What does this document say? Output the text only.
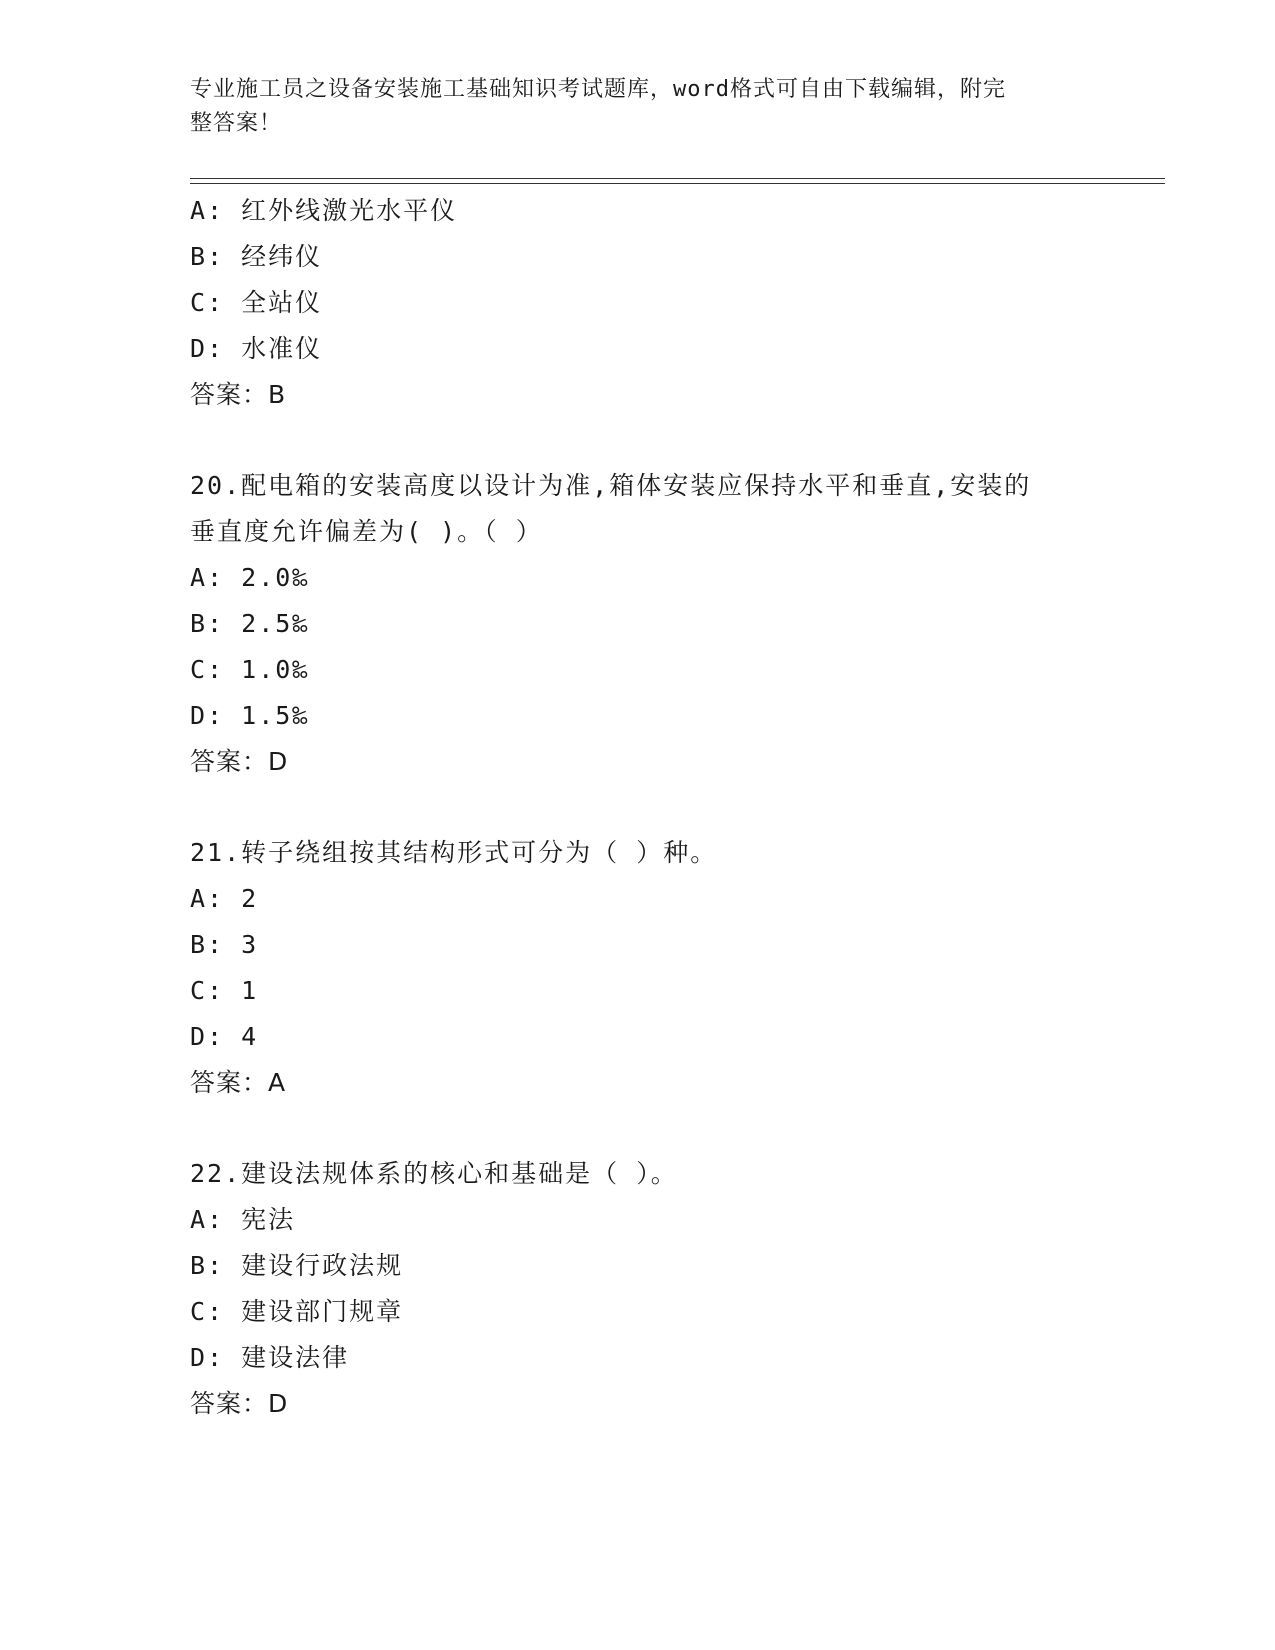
专业施工员之设备安装施工基础知识考试题库，word格式可自由下载编辑，附完
整答案！
A: 红外线激光水平仪
B: 经纬仪
C: 全站仪
D: 水准仪
答案：B
20.配电箱的安装高度以设计为准,箱体安装应保持水平和垂直,安装的
垂直度允许偏差为( )。（ ）
A: 2.0‰
B: 2.5‰
C: 1.0‰
D: 1.5‰
答案：D
21.转子绕组按其结构形式可分为（ ）种。
A: 2
B: 3
C: 1
D: 4
答案：A
22.建设法规体系的核心和基础是（ ）。
A: 宪法
B: 建设行政法规
C: 建设部门规章
D: 建设法律
答案：D
